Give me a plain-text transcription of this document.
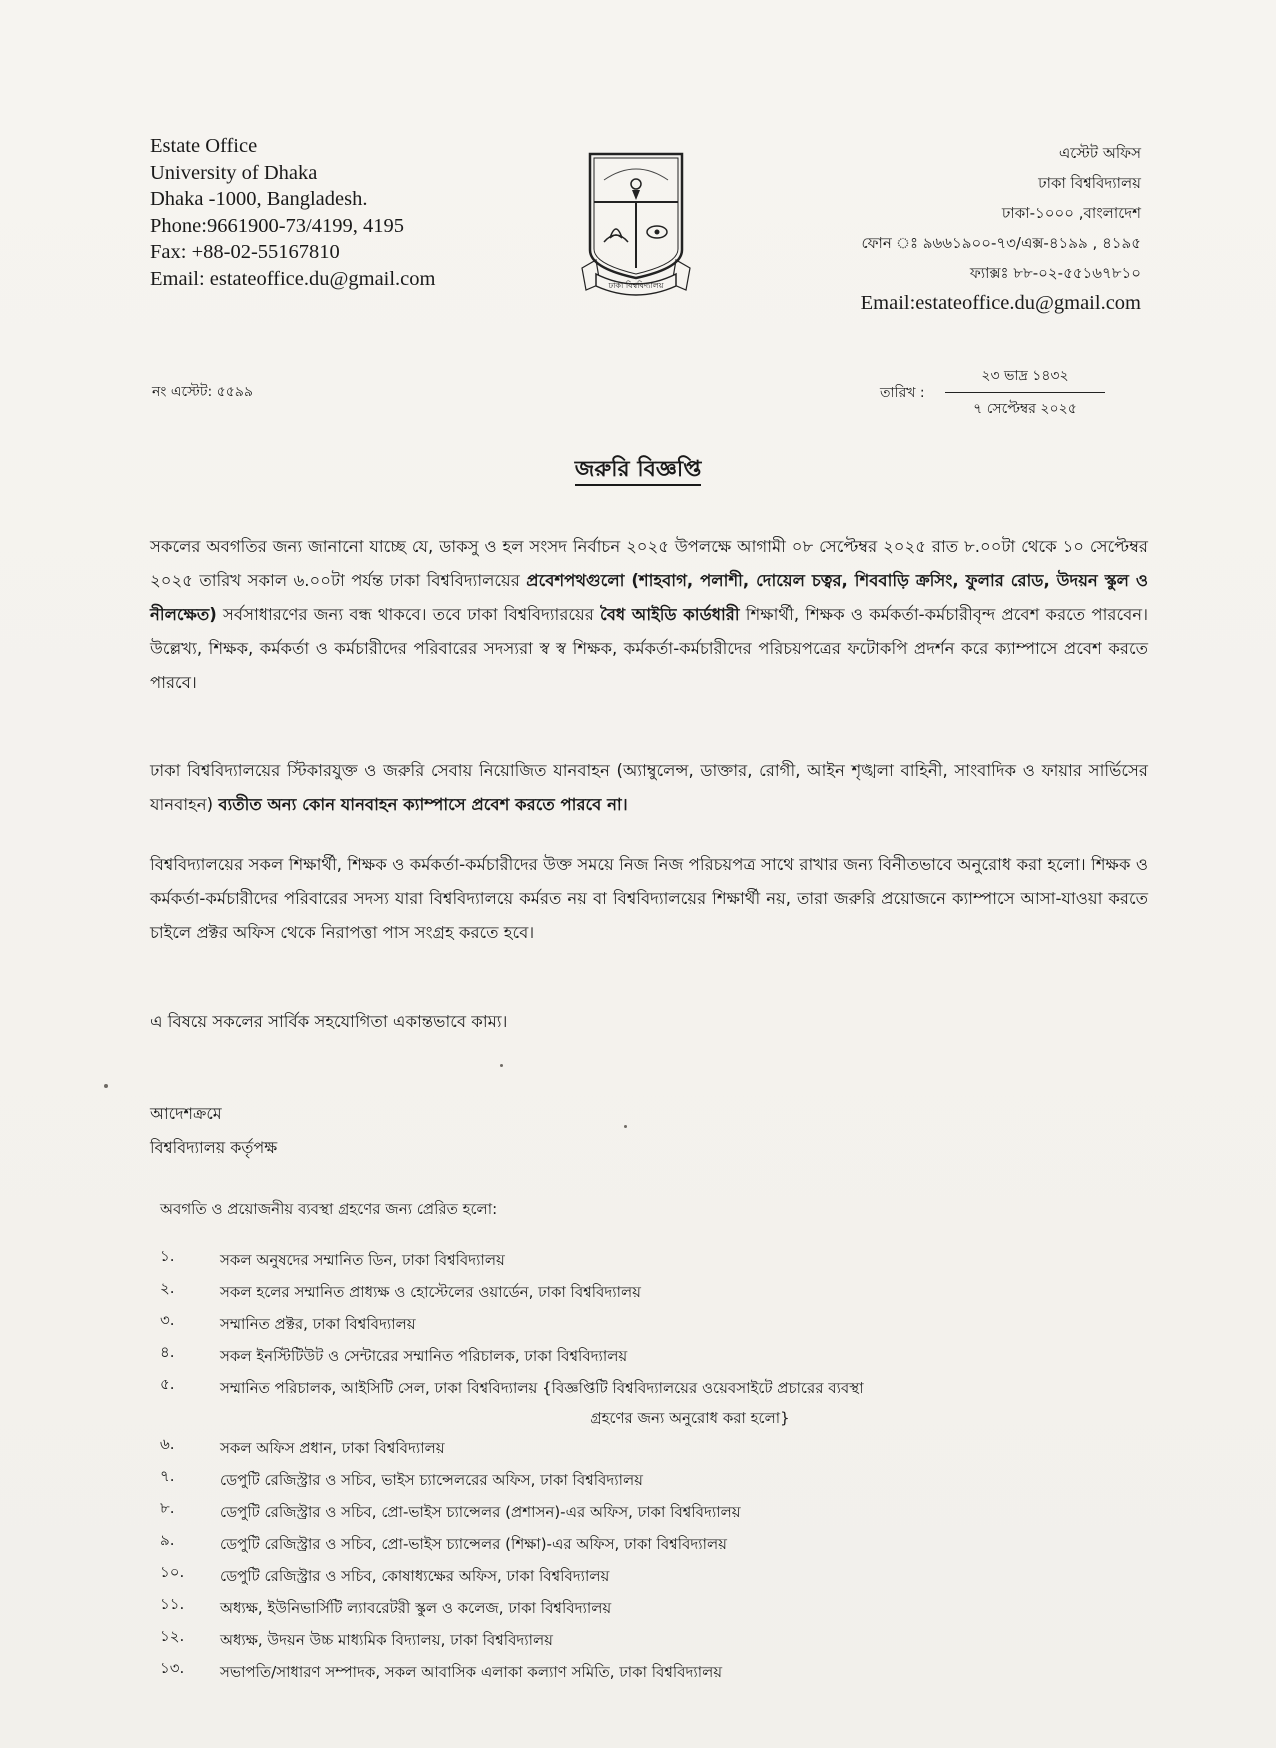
Estate Office
University of Dhaka
Dhaka -1000, Bangladesh.
Phone:9661900-73/4199, 4195
Fax: +88-02-55167810
Email: estateoffice.du@gmail.com	ঢাকা বিশ্ববিদ্যালয়
এস্টেট অফিস
ঢাকা বিশ্ববিদ্যালয়
ঢাকা-১০০০ ,বাংলাদেশ
ফোন ঃ ৯৬৬১৯০০-৭৩/এক্স-৪১৯৯ , ৪১৯৫
ফ্যাক্সঃ ৮৮-০২-৫৫১৬৭৮১০
Email:estateoffice.du@gmail.com
নং এস্টেট: ৫৫৯৯	তারিখ :
২৩ ভাদ্র ১৪৩২
৭ সেপ্টেম্বর ২০২৫
জরুরি বিজ্ঞপ্তি
সকলের অবগতির জন্য জানানো যাচ্ছে যে, ডাকসু ও হল সংসদ নির্বাচন ২০২৫ উপলক্ষে আগামী ০৮ সেপ্টেম্বর ২০২৫ রাত ৮.০০টা থেকে ১০ সেপ্টেম্বর ২০২৫ তারিখ সকাল ৬.০০টা পর্যন্ত ঢাকা বিশ্ববিদ্যালয়ের প্রবেশপথগুলো (শাহবাগ, পলাশী, দোয়েল চত্বর, শিববাড়ি ক্রসিং, ফুলার রোড, উদয়ন স্কুল ও নীলক্ষেত) সর্বসাধারণের জন্য বন্ধ থাকবে। তবে ঢাকা বিশ্ববিদ্যারয়ের বৈধ আইডি কার্ডধারী শিক্ষার্থী, শিক্ষক ও কর্মকর্তা-কর্মচারীবৃন্দ প্রবেশ করতে পারবেন। উল্লেখ্য, শিক্ষক, কর্মকর্তা ও কর্মচারীদের পরিবারের সদস্যরা স্ব স্ব শিক্ষক, কর্মকর্তা-কর্মচারীদের পরিচয়পত্রের ফটোকপি প্রদর্শন করে ক্যাম্পাসে প্রবেশ করতে পারবে।
ঢাকা বিশ্ববিদ্যালয়ের স্টিকারযুক্ত ও জরুরি সেবায় নিয়োজিত যানবাহন (অ্যাম্বুলেন্স, ডাক্তার, রোগী, আইন শৃঙ্খলা বাহিনী, সাংবাদিক ও ফায়ার সার্ভিসের যানবাহন) ব্যতীত অন্য কোন যানবাহন ক্যাম্পাসে প্রবেশ করতে পারবে না।
বিশ্ববিদ্যালয়ের সকল শিক্ষার্থী, শিক্ষক ও কর্মকর্তা-কর্মচারীদের উক্ত সময়ে নিজ নিজ পরিচয়পত্র সাথে রাখার জন্য বিনীতভাবে অনুরোধ করা হলো। শিক্ষক ও কর্মকর্তা-কর্মচারীদের পরিবারের সদস্য যারা বিশ্ববিদ্যালয়ে কর্মরত নয় বা বিশ্ববিদ্যালয়ের শিক্ষার্থী নয়, তারা জরুরি প্রয়োজনে ক্যাম্পাসে আসা-যাওয়া করতে চাইলে প্রক্টর অফিস থেকে নিরাপত্তা পাস সংগ্রহ করতে হবে।
এ বিষয়ে সকলের সার্বিক সহযোগিতা একান্তভাবে কাম্য।
আদেশক্রমে
বিশ্ববিদ্যালয় কর্তৃপক্ষ
অবগতি ও প্রয়োজনীয় ব্যবস্থা গ্রহণের জন্য প্রেরিত হলো:
১.	সকল অনুষদের সম্মানিত ডিন, ঢাকা বিশ্ববিদ্যালয়
২.	সকল হলের সম্মানিত প্রাধ্যক্ষ ও হোস্টেলের ওয়ার্ডেন, ঢাকা বিশ্ববিদ্যালয়
৩.	সম্মানিত প্রক্টর, ঢাকা বিশ্ববিদ্যালয়
৪.	সকল ইনস্টিটিউট ও সেন্টারের সম্মানিত পরিচালক, ঢাকা বিশ্ববিদ্যালয়
৫.	সম্মানিত পরিচালক, আইসিটি সেল, ঢাকা বিশ্ববিদ্যালয় {বিজ্ঞপ্তিটি বিশ্ববিদ্যালয়ের ওয়েবসাইটে প্রচারের ব্যবস্থা
গ্রহণের জন্য অনুরোধ করা হলো}
৬.	সকল অফিস প্রধান, ঢাকা বিশ্ববিদ্যালয়
৭.	ডেপুটি রেজিস্ট্রার ও সচিব, ভাইস চ্যান্সেলরের অফিস, ঢাকা বিশ্ববিদ্যালয়
৮.	ডেপুটি রেজিস্ট্রার ও সচিব, প্রো-ভাইস চ্যান্সেলর (প্রশাসন)-এর অফিস, ঢাকা বিশ্ববিদ্যালয়
৯.	ডেপুটি রেজিস্ট্রার ও সচিব, প্রো-ভাইস চ্যান্সেলর (শিক্ষা)-এর অফিস, ঢাকা বিশ্ববিদ্যালয়
১০.	ডেপুটি রেজিস্ট্রার ও সচিব, কোষাধ্যক্ষের অফিস, ঢাকা বিশ্ববিদ্যালয়
১১.	অধ্যক্ষ, ইউনিভার্সিটি ল্যাবরেটরী স্কুল ও কলেজ, ঢাকা বিশ্ববিদ্যালয়
১২.	অধ্যক্ষ, উদয়ন উচ্চ মাধ্যমিক বিদ্যালয়, ঢাকা বিশ্ববিদ্যালয়
১৩.	সভাপতি/সাধারণ সম্পাদক, সকল আবাসিক এলাকা কল্যাণ সমিতি, ঢাকা বিশ্ববিদ্যালয়
